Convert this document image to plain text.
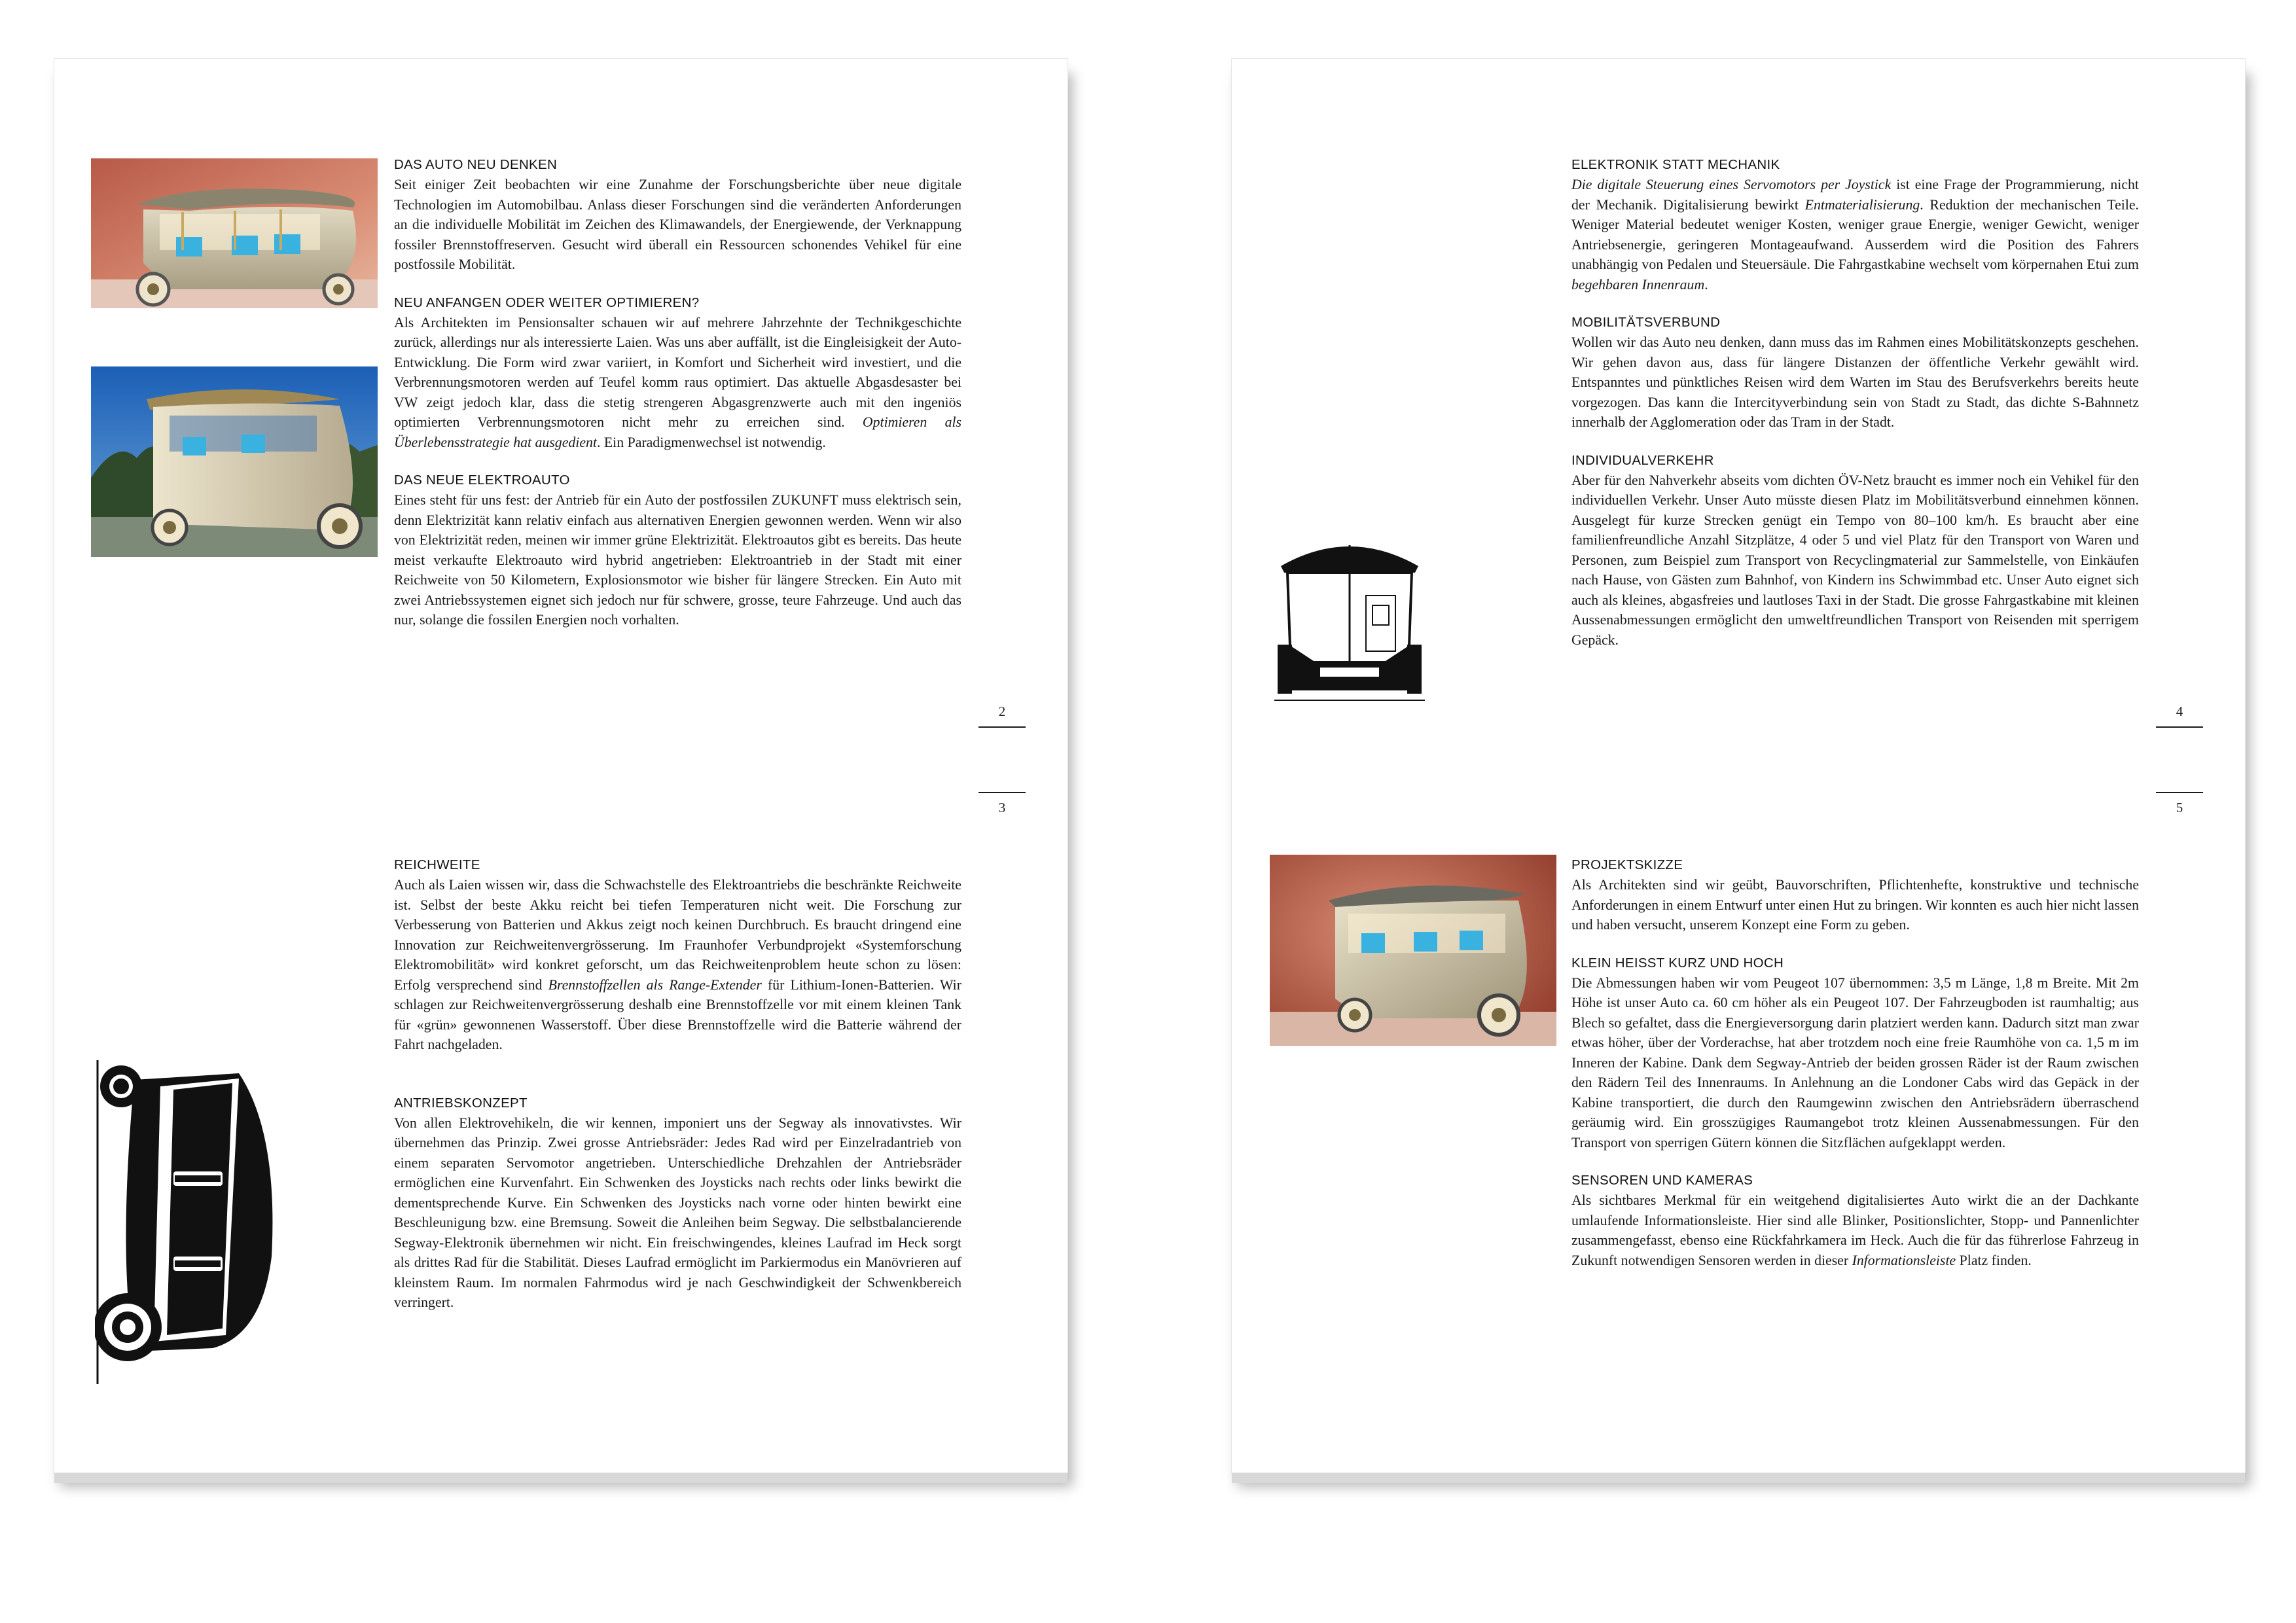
DAS AUTO NEU DENKEN

Seit einiger Zeit beobachten wir eine Zunahme der Forschungsberichte über neue digitale Technologien im Automobilbau. Anlass dieser Forschungen sind die veränderten Anforderungen an die individuelle Mobilität im Zeichen des Klimawandels, der Energiewende, der Verknappung fossiler Brennstoffreserven. Gesucht wird überall ein Ressourcen schonendes Vehikel für eine postfossile Mobilität.

NEU ANFANGEN ODER WEITER OPTIMIEREN?

Als Architekten im Pensionsalter schauen wir auf mehrere Jahrzehnte der Technikgeschichte zurück, allerdings nur als interessierte Laien. Was uns aber auffällt, ist die Eingleisigkeit der Auto-Entwicklung. Die Form wird zwar variiert, in Komfort und Sicherheit wird investiert, und die Verbrennungsmotoren werden auf Teufel komm raus optimiert. Das aktuelle Abgasdesaster bei VW zeigt jedoch klar, dass die stetig strengeren Abgasgrenzwerte auch mit den ingeniös optimierten Verbrennungsmotoren nicht mehr zu erreichen sind. Optimieren als Überlebensstrategie hat ausgedient. Ein Paradigmenwechsel ist notwendig.

DAS NEUE ELEKTROAUTO

Eines steht für uns fest: der Antrieb für ein Auto der postfossilen ZUKUNFT muss elektrisch sein, denn Elektrizität kann relativ einfach aus alternativen Energien gewonnen werden. Wenn wir also von Elektrizität reden, meinen wir immer grüne Elektrizität. Elektroautos gibt es bereits. Das heute meist verkaufte Elektroauto wird hybrid angetrieben: Elektroantrieb in der Stadt mit einer Reichweite von 50 Kilometern, Explosionsmotor wie bisher für längere Strecken. Ein Auto mit zwei Antriebssystemen eignet sich jedoch nur für schwere, grosse, teure Fahrzeuge. Und auch das nur, solange die fossilen Energien noch vorhalten.

2
3
REICHWEITE

Auch als Laien wissen wir, dass die Schwachstelle des Elektroantriebs die beschränkte Reichweite ist. Selbst der beste Akku reicht bei tiefen Temperaturen nicht weit. Die Forschung zur Verbesserung von Batterien und Akkus zeigt noch keinen Durchbruch. Es braucht dringend eine Innovation zur Reichweitenvergrösserung. Im Fraunhofer Verbundprojekt «Systemforschung Elektromobilität» wird konkret geforscht, um das Reichweitenproblem heute schon zu lösen: Erfolg versprechend sind Brennstoffzellen als Range-Extender für Lithium-Ionen-Batterien. Wir schlagen zur Reichweitenvergrösserung deshalb eine Brennstoffzelle vor mit einem kleinen Tank für «grün» gewonnenen Wasserstoff. Über diese Brennstoffzelle wird die Batterie während der Fahrt nachgeladen.

ANTRIEBSKONZEPT

Von allen Elektrovehikeln, die wir kennen, imponiert uns der Segway als innovativstes. Wir übernehmen das Prinzip. Zwei grosse Antriebsräder: Jedes Rad wird per Einzelradantrieb von einem separaten Servomotor angetrieben. Unterschiedliche Drehzahlen der Antriebsräder ermöglichen eine Kurvenfahrt. Ein Schwenken des Joysticks nach rechts oder links bewirkt die dementsprechende Kurve. Ein Schwenken des Joysticks nach vorne oder hinten bewirkt eine Beschleunigung bzw. eine Bremsung. Soweit die Anleihen beim Segway. Die selbstbalancierende Segway-Elektronik übernehmen wir nicht. Ein freischwingendes, kleines Laufrad im Heck sorgt als drittes Rad für die Stabilität. Dieses Laufrad ermöglicht im Parkiermodus ein Manövrieren auf kleinstem Raum. Im normalen Fahrmodus wird je nach Geschwindigkeit der Schwenkbereich verringert.

ELEKTRONIK STATT MECHANIK

Die digitale Steuerung eines Servomotors per Joystick ist eine Frage der Programmierung, nicht der Mechanik. Digitalisierung bewirkt Entmaterialisierung. Reduktion der mechanischen Teile. Weniger Material bedeutet weniger Kosten, weniger graue Energie, weniger Gewicht, weniger Antriebsenergie, geringeren Montageaufwand. Ausserdem wird die Position des Fahrers unabhängig von Pedalen und Steuersäule. Die Fahrgastkabine wechselt vom körpernahen Etui zum begehbaren Innenraum.

MOBILITÄTSVERBUND

Wollen wir das Auto neu denken, dann muss das im Rahmen eines Mobilitätskonzepts geschehen. Wir gehen davon aus, dass für längere Distanzen der öffentliche Verkehr gewählt wird. Entspanntes und pünktliches Reisen wird dem Warten im Stau des Berufsverkehrs bereits heute vorgezogen. Das kann die Intercityverbindung sein von Stadt zu Stadt, das dichte S-Bahnnetz innerhalb der Agglomeration oder das Tram in der Stadt.

INDIVIDUALVERKEHR

Aber für den Nahverkehr abseits vom dichten ÖV-Netz braucht es immer noch ein Vehikel für den individuellen Verkehr. Unser Auto müsste diesen Platz im Mobilitätsverbund einnehmen können. Ausgelegt für kurze Strecken genügt ein Tempo von 80–100 km/h. Es braucht aber eine familienfreundliche Anzahl Sitzplätze, 4 oder 5 und viel Platz für den Transport von Waren und Personen, zum Beispiel zum Transport von Recyclingmaterial zur Sammelstelle, von Einkäufen nach Hause, von Gästen zum Bahnhof, von Kindern ins Schwimmbad etc. Unser Auto eignet sich auch als kleines, abgasfreies und lautloses Taxi in der Stadt. Die grosse Fahrgastkabine mit kleinen Aussenabmessungen ermöglicht den umweltfreundlichen Transport von Reisenden mit sperrigem Gepäck.

4
5
PROJEKTSKIZZE

Als Architekten sind wir geübt, Bauvorschriften, Pflichtenhefte, konstruktive und technische Anforderungen in einem Entwurf unter einen Hut zu bringen. Wir konnten es auch hier nicht lassen und haben versucht, unserem Konzept eine Form zu geben.

KLEIN HEISST KURZ UND HOCH

Die Abmessungen haben wir vom Peugeot 107 übernommen: 3,5 m Länge, 1,8 m Breite. Mit 2m Höhe ist unser Auto ca. 60 cm höher als ein Peugeot 107. Der Fahrzeugboden ist raumhaltig; aus Blech so gefaltet, dass die Energieversorgung darin platziert werden kann. Dadurch sitzt man zwar etwas höher, über der Vorderachse, hat aber trotzdem noch eine freie Raumhöhe von ca. 1,5 m im Inneren der Kabine. Dank dem Segway-Antrieb der beiden grossen Räder ist der Raum zwischen den Rädern Teil des Innenraums. In Anlehnung an die Londoner Cabs wird das Gepäck in der Kabine transportiert, die durch den Raumgewinn zwischen den Antriebsrädern überraschend geräumig wird. Ein grosszügiges Raumangebot trotz kleinen Aussenabmessungen. Für den Transport von sperrigen Gütern können die Sitzflächen aufgeklappt werden.

SENSOREN UND KAMERAS

Als sichtbares Merkmal für ein weitgehend digitalisiertes Auto wirkt die an der Dachkante umlaufende Informationsleiste. Hier sind alle Blinker, Positionslichter, Stopp- und Pannenlichter zusammengefasst, ebenso eine Rückfahrkamera im Heck. Auch die für das führerlose Fahrzeug in Zukunft notwendigen Sensoren werden in dieser Informationsleiste Platz finden.
